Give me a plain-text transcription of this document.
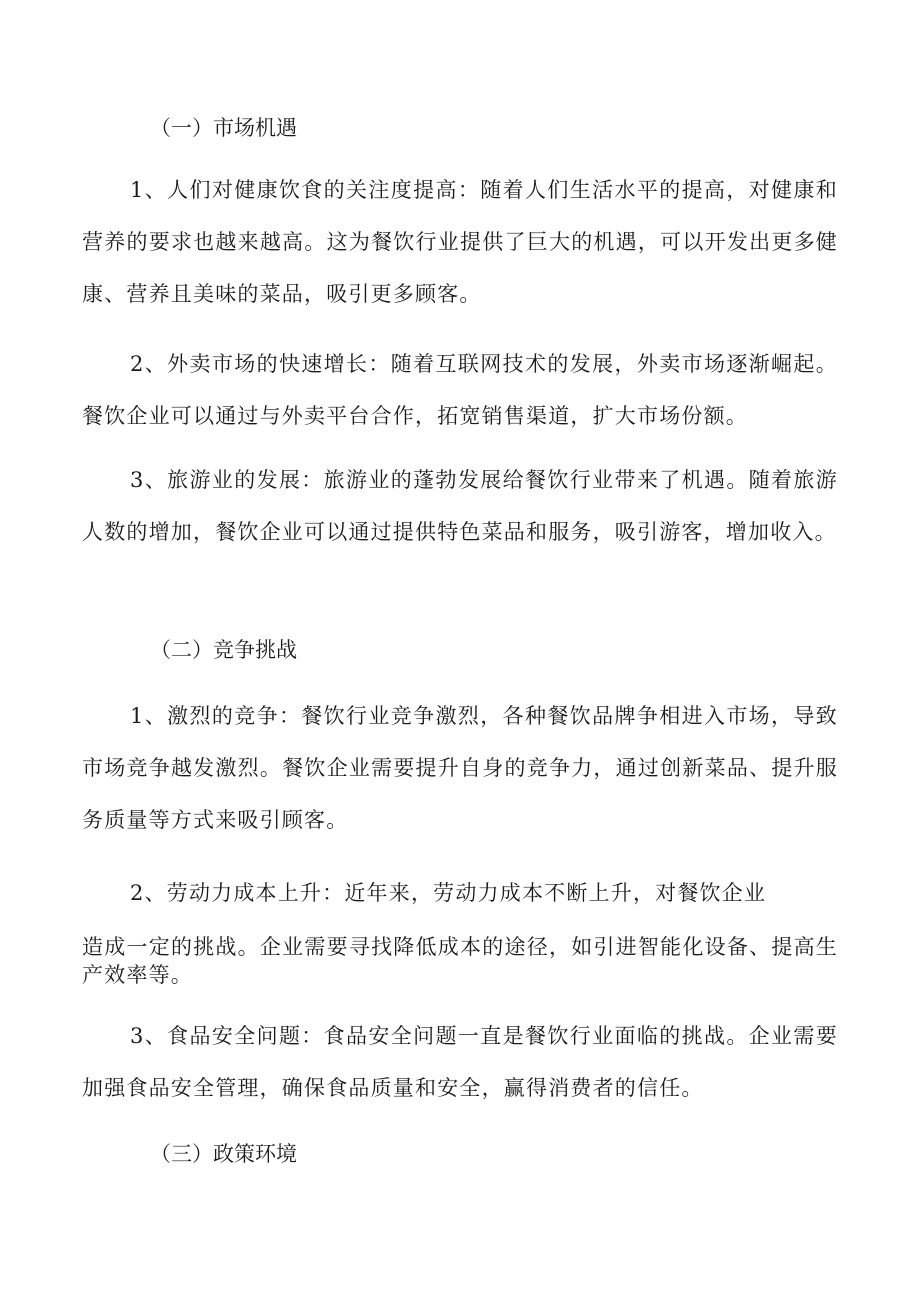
（一）市场机遇
1、人们对健康饮食的关注度提高：随着人们生活水平的提高，对健康和营养的要求也越来越高。这为餐饮行业提供了巨大的机遇，可以开发出更多健康、营养且美味的菜品，吸引更多顾客。
2、外卖市场的快速增长：随着互联网技术的发展，外卖市场逐渐崛起。餐饮企业可以通过与外卖平台合作，拓宽销售渠道，扩大市场份额。
3、旅游业的发展：旅游业的蓬勃发展给餐饮行业带来了机遇。随着旅游人数的增加，餐饮企业可以通过提供特色菜品和服务，吸引游客，增加收入。
（二）竞争挑战
1、激烈的竞争：餐饮行业竞争激烈，各种餐饮品牌争相进入市场，导致市场竞争越发激烈。餐饮企业需要提升自身的竞争力，通过创新菜品、提升服务质量等方式来吸引顾客。
2、劳动力成本上升：近年来，劳动力成本不断上升，对餐饮企业
造成一定的挑战。企业需要寻找降低成本的途径，如引进智能化设备、提高生产效率等。
3、食品安全问题：食品安全问题一直是餐饮行业面临的挑战。企业需要加强食品安全管理，确保食品质量和安全，赢得消费者的信任。
（三）政策环境
